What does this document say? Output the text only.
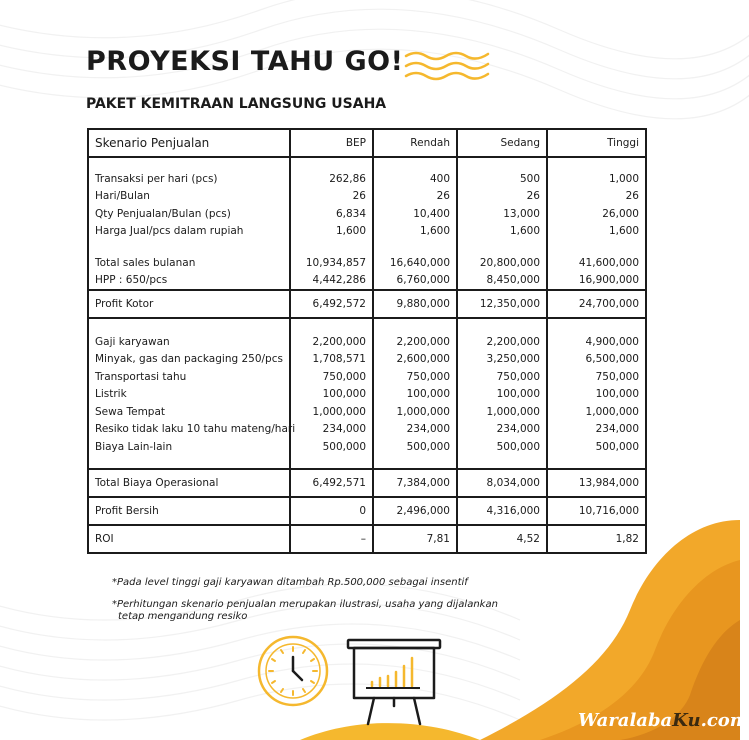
PROYEKSI TAHU GO!
PAKET KEMITRAAN LANGSUNG USAHA
Skenario Penjualan	BEP	Rendah	Sedang	Tinggi

Transaksi per hari (pcs)	262,86	400	500	1,000
Hari/Bulan	26	26	26	26
Qty Penjualan/Bulan (pcs)	6,834	10,400	13,000	26,000
Harga Jual/pcs dalam rupiah	1,600	1,600	1,600	1,600

Total sales bulanan	10,934,857	16,640,000	20,800,000	41,600,000
HPP : 650/pcs	4,442,286	6,760,000	8,450,000	16,900,000
Profit Kotor	6,492,572	9,880,000	12,350,000	24,700,000

Gaji karyawan	2,200,000	2,200,000	2,200,000	4,900,000
Minyak, gas dan packaging 250/pcs	1,708,571	2,600,000	3,250,000	6,500,000
Transportasi tahu	750,000	750,000	750,000	750,000
Listrik	100,000	100,000	100,000	100,000
Sewa Tempat	1,000,000	1,000,000	1,000,000	1,000,000
Resiko tidak laku 10 tahu mateng/hari	234,000	234,000	234,000	234,000
Biaya Lain-lain	500,000	500,000	500,000	500,000

Total Biaya Operasional	6,492,571	7,384,000	8,034,000	13,984,000
Profit Bersih	0	2,496,000	4,316,000	10,716,000
ROI	–	7,81	4,52	1,82

*Pada level tinggi gaji karyawan ditambah Rp.500,000 sebagai insentif

*Perhitungan skenario penjualan merupakan ilustrasi, usaha yang dijalankan

tetap mengandung resiko

WaralabaKu.com
